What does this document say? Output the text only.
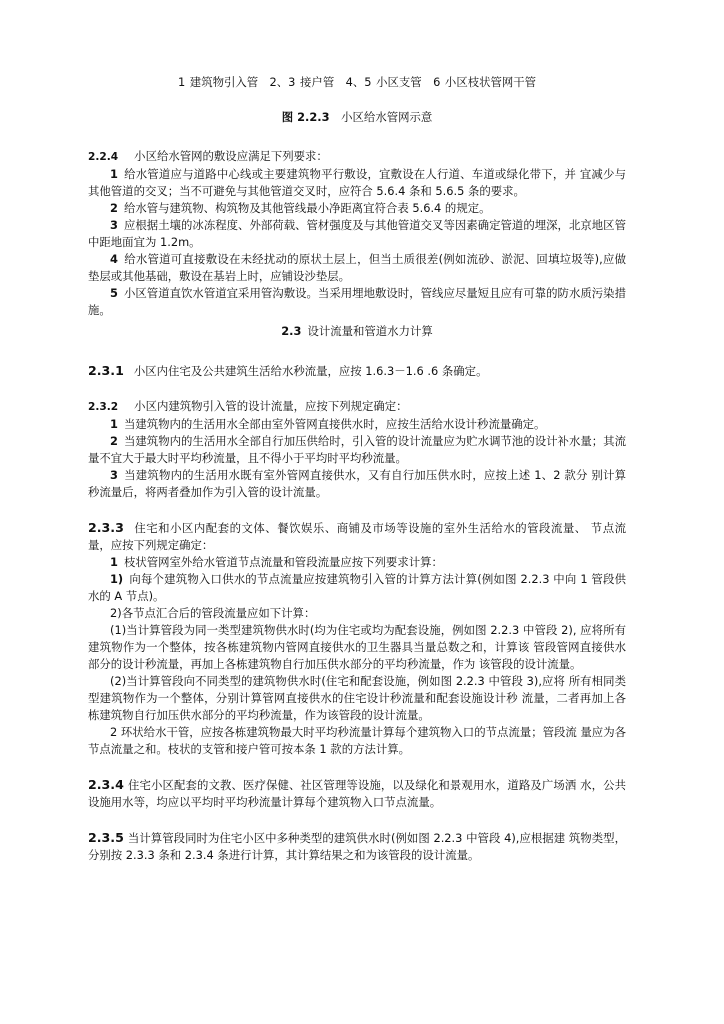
1 建筑物引入管　2、3 接户管　4、5 小区支管　6 小区枝状管网干管

图 2.2.3 小区给水管网示意

2.2.4 小区给水管网的敷设应满足下列要求：

1 给水管道应与道路中心线或主要建筑物平行敷设，宜敷设在人行道、车道或绿化带下，并 宜减少与其他管道的交叉；当不可避免与其他管道交叉时，应符合 5.6.4 条和 5.6.5 条的要求。

2 给水管与建筑物、构筑物及其他管线最小净距离宜符合表 5.6.4 的规定。

3 应根据土壤的冰冻程度、外部荷载、管材强度及与其他管道交叉等因素确定管道的埋深，北京地区管中距地面宜为 1.2m。

4 给水管道可直接敷设在未经扰动的原状土层上，但当土质很差(例如流砂、淤泥、回填垃圾等),应做垫层或其他基础，敷设在基岩上时，应铺设沙垫层。

5 小区管道直饮水管道宜采用管沟敷设。当采用埋地敷设时，管线应尽量短且应有可靠的防水质污染措施。

2.3 设计流量和管道水力计算

2.3.1 小区内住宅及公共建筑生活给水秒流量，应按 1.6.3－1.6 .6 条确定。

2.3.2 小区内建筑物引入管的设计流量，应按下列规定确定：

1 当建筑物内的生活用水全部由室外管网直接供水时，应按生活给水设计秒流量确定。

2 当建筑物内的生活用水全部自行加压供给时，引入管的设计流量应为贮水调节池的设计补水量；其流量不宜大于最大时平均秒流量，且不得小于平均时平均秒流量。

3 当建筑物内的生活用水既有室外管网直接供水，又有自行加压供水时，应按上述 1、2 款分 别计算秒流量后，将两者叠加作为引入管的设计流量。

2.3.3 住宅和小区内配套的文体、餐饮娱乐、商铺及市场等设施的室外生活给水的管段流量、 节点流量，应按下列规定确定：

1 枝状管网室外给水管道节点流量和管段流量应按下列要求计算：

1) 向每个建筑物入口供水的节点流量应按建筑物引入管的计算方法计算(例如图 2.2.3 中向 1 管段供水的 A 节点)。

2)各节点汇合后的管段流量应如下计算：

(1)当计算管段为同一类型建筑物供水时(均为住宅或均为配套设施，例如图 2.2.3 中管段 2), 应将所有建筑物作为一个整体，按各栋建筑物内管网直接供水的卫生器具当量总数之和，计算该 管段管网直接供水部分的设计秒流量，再加上各栋建筑物自行加压供水部分的平均秒流量，作为 该管段的设计流量。

(2)当计算管段向不同类型的建筑物供水时(住宅和配套设施，例如图 2.2.3 中管段 3),应将 所有相同类型建筑物作为一个整体，分别计算管网直接供水的住宅设计秒流量和配套设施设计秒 流量，二者再加上各栋建筑物自行加压供水部分的平均秒流量，作为该管段的设计流量。

2 环状给水干管，应按各栋建筑物最大时平均秒流量计算每个建筑物入口的节点流量；管段流 量应为各节点流量之和。枝状的支管和接户管可按本条 1 款的方法计算。

2.3.4 住宅小区配套的文教、医疗保健、社区管理等设施，以及绿化和景观用水，道路及广场洒 水，公共设施用水等，均应以平均时平均秒流量计算每个建筑物入口节点流量。

2.3.5 当计算管段同时为住宅小区中多种类型的建筑供水时(例如图 2.2.3 中管段 4),应根据建 筑物类型，分别按 2.3.3 条和 2.3.4 条进行计算，其计算结果之和为该管段的设计流量。
